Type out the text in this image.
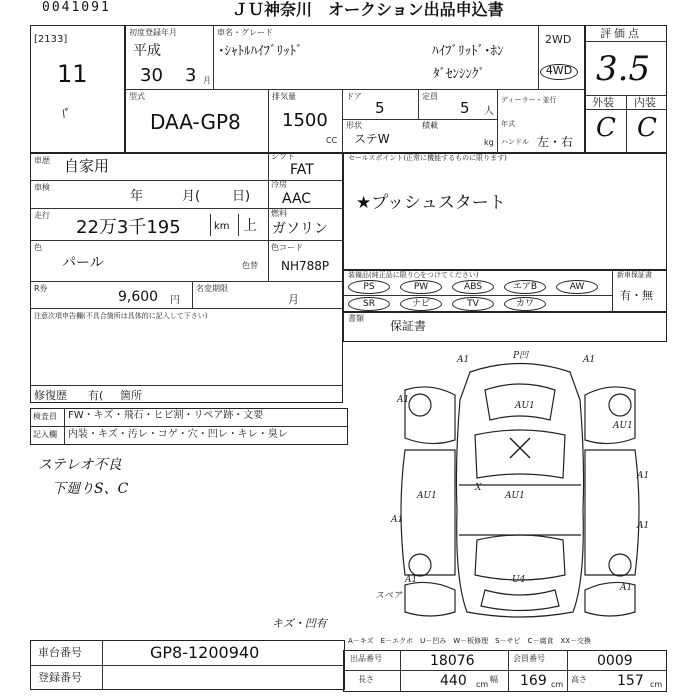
0041091	ＪＵ神奈川　オークション出品申込書
[2133]
11
\ ̊
初度登録年月
平成
30 3 月
車名・グレード
･ｼｬﾄﾙﾊｲﾌﾞﾘｯﾄﾞ	ﾊｲﾌﾞﾘｯﾄﾞ･ﾎﾝ
ﾀﾞｾﾝｼﾝｸﾞ
2WD
4WD
型式
DAA-GP8
排気量
1500
CC
ドア
5
定員
5 人
形状
ステW
積載
kg
ディーラー・並行
年式
ハンドル 左・右
評価点
3.5
外装 内装
C C
車歴 自家用
車検
年	月( 日)
走行
22万3千195	km 上
シフト
FAT
冷房
AAC
燃料
ガソリン
色
パール	色替
色コード
NH788P
R券
9,600 円
名変期限
月
注意次項申告欄(不具合箇所は具体的に記入して下さい)
修復歴 有( 箇所
セールスポイント(正常に機能するものに限ります)
★プッシュスタート
装備品(純正品に限り○をつけてください)	新車保証書
有・無
PS	PW	ABS	エアB	AW
SR	ナビ	TV	カワ
書類
保証書
検査員
記入欄
FW・キズ・飛石・ヒビ割・リペア跡・文要
内装・キズ・汚レ・コゲ・穴・凹レ・キレ・臭レ
ステレオ不良
下廻りS、C
キズ・凹有
A1	P凹	A1
A1
AU1
AU1
X
AU1	AU1
U4
A1
A1
A1
A1
A1
スペア
A－キズ　E－エクボ　U－凹み　W－板修理　S－サビ　C－腐食　XX－交換
車台番号	GP8-1200940
登録番号
出品番号	18076	会員番号	0009
長さ	440 cm
幅 169 cm
高さ 157 cm
